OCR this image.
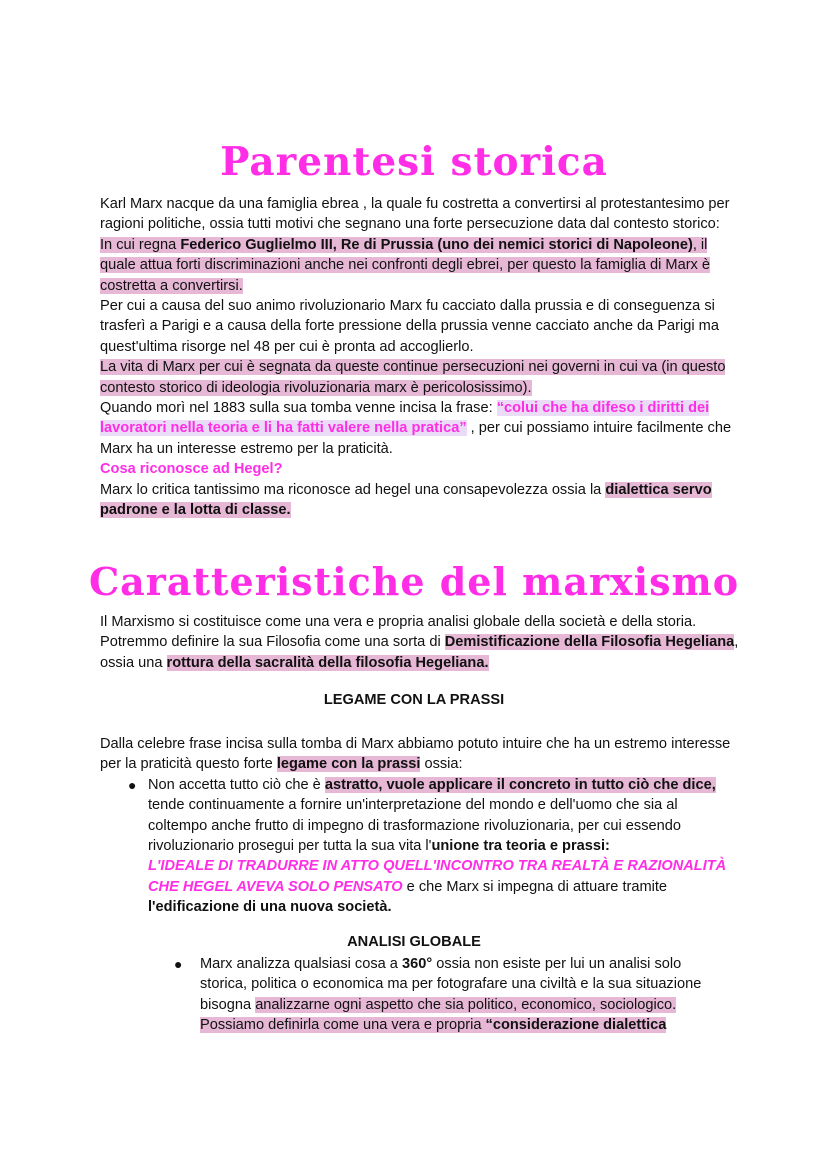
Parentesi storica
Karl Marx nacque da una famiglia ebrea , la quale fu costretta a convertirsi al protestantesimo per ragioni politiche, ossia tutti motivi che segnano una forte persecuzione data dal contesto storico:
In cui regna Federico Guglielmo III, Re di Prussia (uno dei nemici storici di Napoleone), il quale attua forti discriminazioni anche nei confronti degli ebrei, per questo la famiglia di Marx è costretta a convertirsi.
Per cui a causa del suo animo rivoluzionario Marx fu cacciato dalla prussia e di conseguenza si trasferì a Parigi e a causa della forte pressione della prussia venne cacciato anche da Parigi ma quest'ultima risorge nel 48 per cui è pronta ad accoglierlo.
La vita di Marx per cui è segnata da queste continue persecuzioni nei governi in cui va (in questo contesto storico di ideologia rivoluzionaria marx è pericolosissimo).
Quando morì nel 1883 sulla sua tomba venne incisa la frase: “colui che ha difeso i diritti dei lavoratori nella teoria e li ha fatti valere nella pratica” , per cui possiamo intuire facilmente che Marx ha un interesse estremo per la praticità.
Cosa riconosce ad Hegel?
Marx lo critica tantissimo ma riconosce ad hegel una consapevolezza ossia la dialettica servo padrone e la lotta di classe.
Caratteristiche del marxismo
Il Marxismo si costituisce come una vera e propria analisi globale della società e della storia. Potremmo definire la sua Filosofia come una sorta di Demistificazione della Filosofia Hegeliana, ossia una rottura della sacralità della filosofia Hegeliana.
LEGAME CON LA PRASSI
Dalla celebre frase incisa sulla tomba di Marx abbiamo potuto intuire che ha un estremo interesse per la praticità questo forte legame con la prassi ossia:
● Non accetta tutto ciò che è astratto, vuole applicare il concreto in tutto ciò che dice, tende continuamente a fornire un'interpretazione del mondo e dell'uomo che sia al coltempo anche frutto di impegno di trasformazione rivoluzionaria, per cui essendo rivoluzionario prosegui per tutta la sua vita l'unione tra teoria e prassi:
L'IDEALE DI TRADURRE IN ATTO QUELL'INCONTRO TRA REALTÀ E RAZIONALITÀ CHE HEGEL AVEVA SOLO PENSATO e che Marx si impegna di attuare tramite l'edificazione di una nuova società.
ANALISI GLOBALE
● Marx analizza qualsiasi cosa a 360° ossia non esiste per lui un analisi solo storica, politica o economica ma per fotografare una civiltà e la sua situazione bisogna analizzarne ogni aspetto che sia politico, economico, sociologico.
Possiamo definirla come una vera e propria “considerazione dialettica
